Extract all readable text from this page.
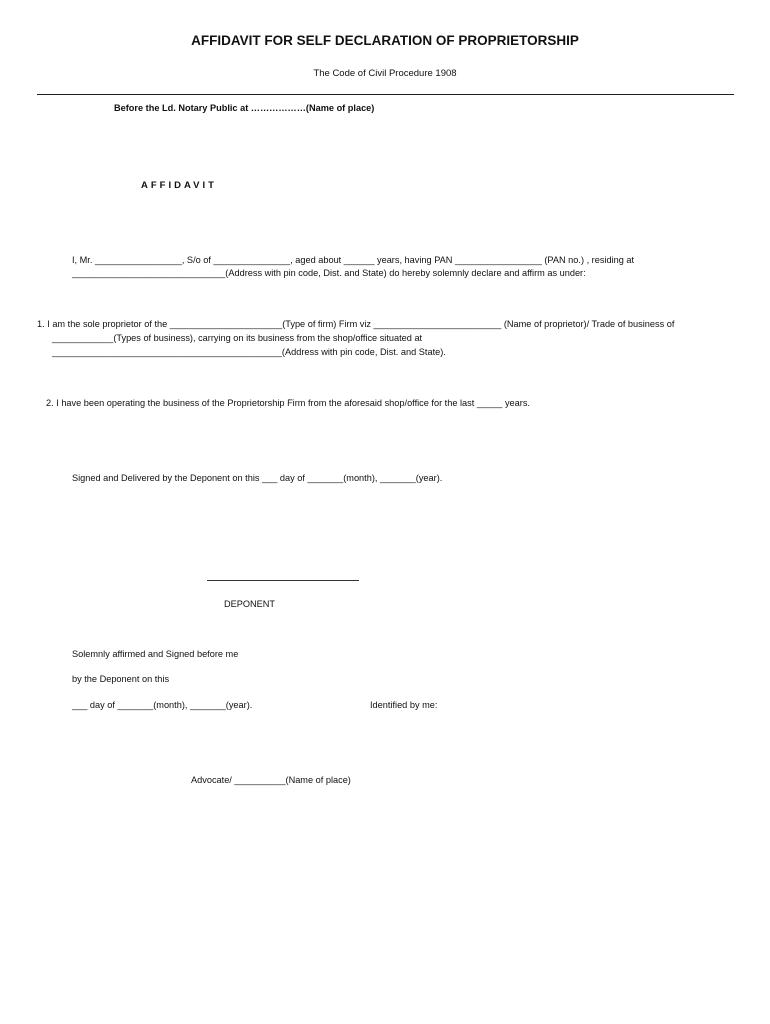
AFFIDAVIT FOR SELF DECLARATION OF PROPRIETORSHIP
The Code of Civil Procedure 1908
Before the Ld. Notary Public at ………………(Name of place)
AFFIDAVIT
I, Mr. _________________, S/o of _______________, aged about ______ years, having PAN _________________ (PAN no.) , residing at
______________________________(Address with pin code, Dist. and State) do hereby solemnly declare and affirm as under:
1. I am the sole proprietor of the ______________________(Type of firm) Firm viz _________________________ (Name of proprietor)/ Trade of business of
____________(Types of business), carrying on its business from the shop/office situated at
_____________________________________________(Address with pin code, Dist. and State).
2. I have been operating the business of the Proprietorship Firm from the aforesaid shop/office for the last _____ years.
Signed and Delivered by the Deponent on this ___ day of _______(month), _______(year).
DEPONENT
Solemnly affirmed and Signed before me
by the Deponent on this
___ day of _______(month), _______(year).	Identified by me:
Advocate/ __________(Name of place)
